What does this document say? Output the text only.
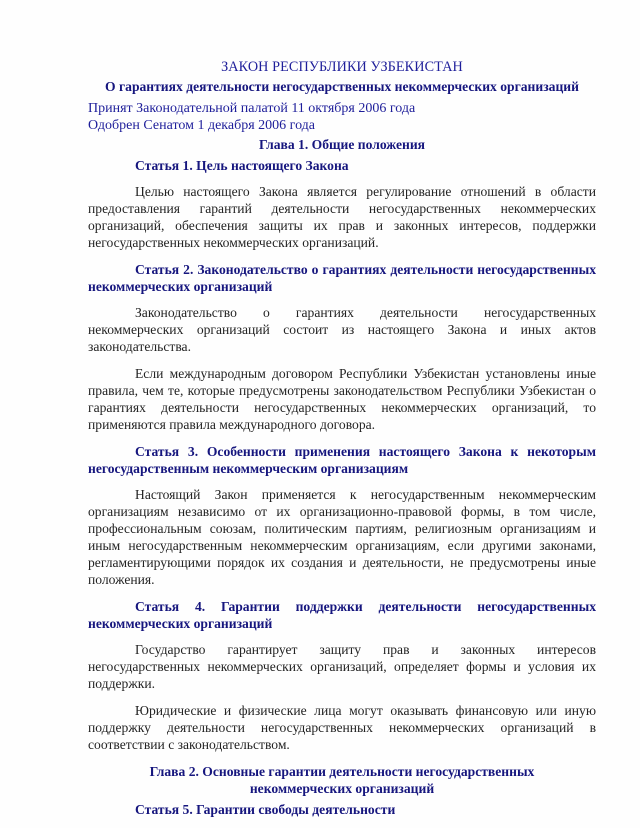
ЗАКОН РЕСПУБЛИКИ УЗБЕКИСТАН

О гарантиях деятельности негосударственных некоммерческих организаций

Принят Законодательной палатой 11 октября 2006 года

Одобрен Сенатом 1 декабря 2006 года

Глава 1. Общие положения

Статья 1. Цель настоящего Закона

Целью настоящего Закона является регулирование отношений в области предоставления гарантий деятельности негосударственных некоммерческих организаций, обеспечения защиты их прав и законных интересов, поддержки негосударственных некоммерческих организаций.

Статья 2. Законодательство о гарантиях деятельности негосударственных некоммерческих организаций

Законодательство о гарантиях деятельности негосударственных некоммерческих организаций состоит из настоящего Закона и иных актов законодательства.

Если международным договором Республики Узбекистан установлены иные правила, чем те, которые предусмотрены законодательством Республики Узбекистан о гарантиях деятельности негосударственных некоммерческих организаций, то применяются правила международного договора.

Статья 3. Особенности применения настоящего Закона к некоторым негосударственным некоммерческим организациям

Настоящий Закон применяется к негосударственным некоммерческим организациям независимо от их организационно-правовой формы, в том числе, профессиональным союзам, политическим партиям, религиозным организациям и иным негосударственным некоммерческим организациям, если другими законами, регламентирующими порядок их создания и деятельности, не предусмотрены иные положения.

Статья 4. Гарантии поддержки деятельности негосударственных некоммерческих организаций

Государство гарантирует защиту прав и законных интересов негосударственных некоммерческих организаций, определяет формы и условия их поддержки.

Юридические и физические лица могут оказывать финансовую или иную поддержку деятельности негосударственных некоммерческих организаций в соответствии с законодательством.

Глава 2. Основные гарантии деятельности негосударственных некоммерческих организаций

Статья 5. Гарантии свободы деятельности
